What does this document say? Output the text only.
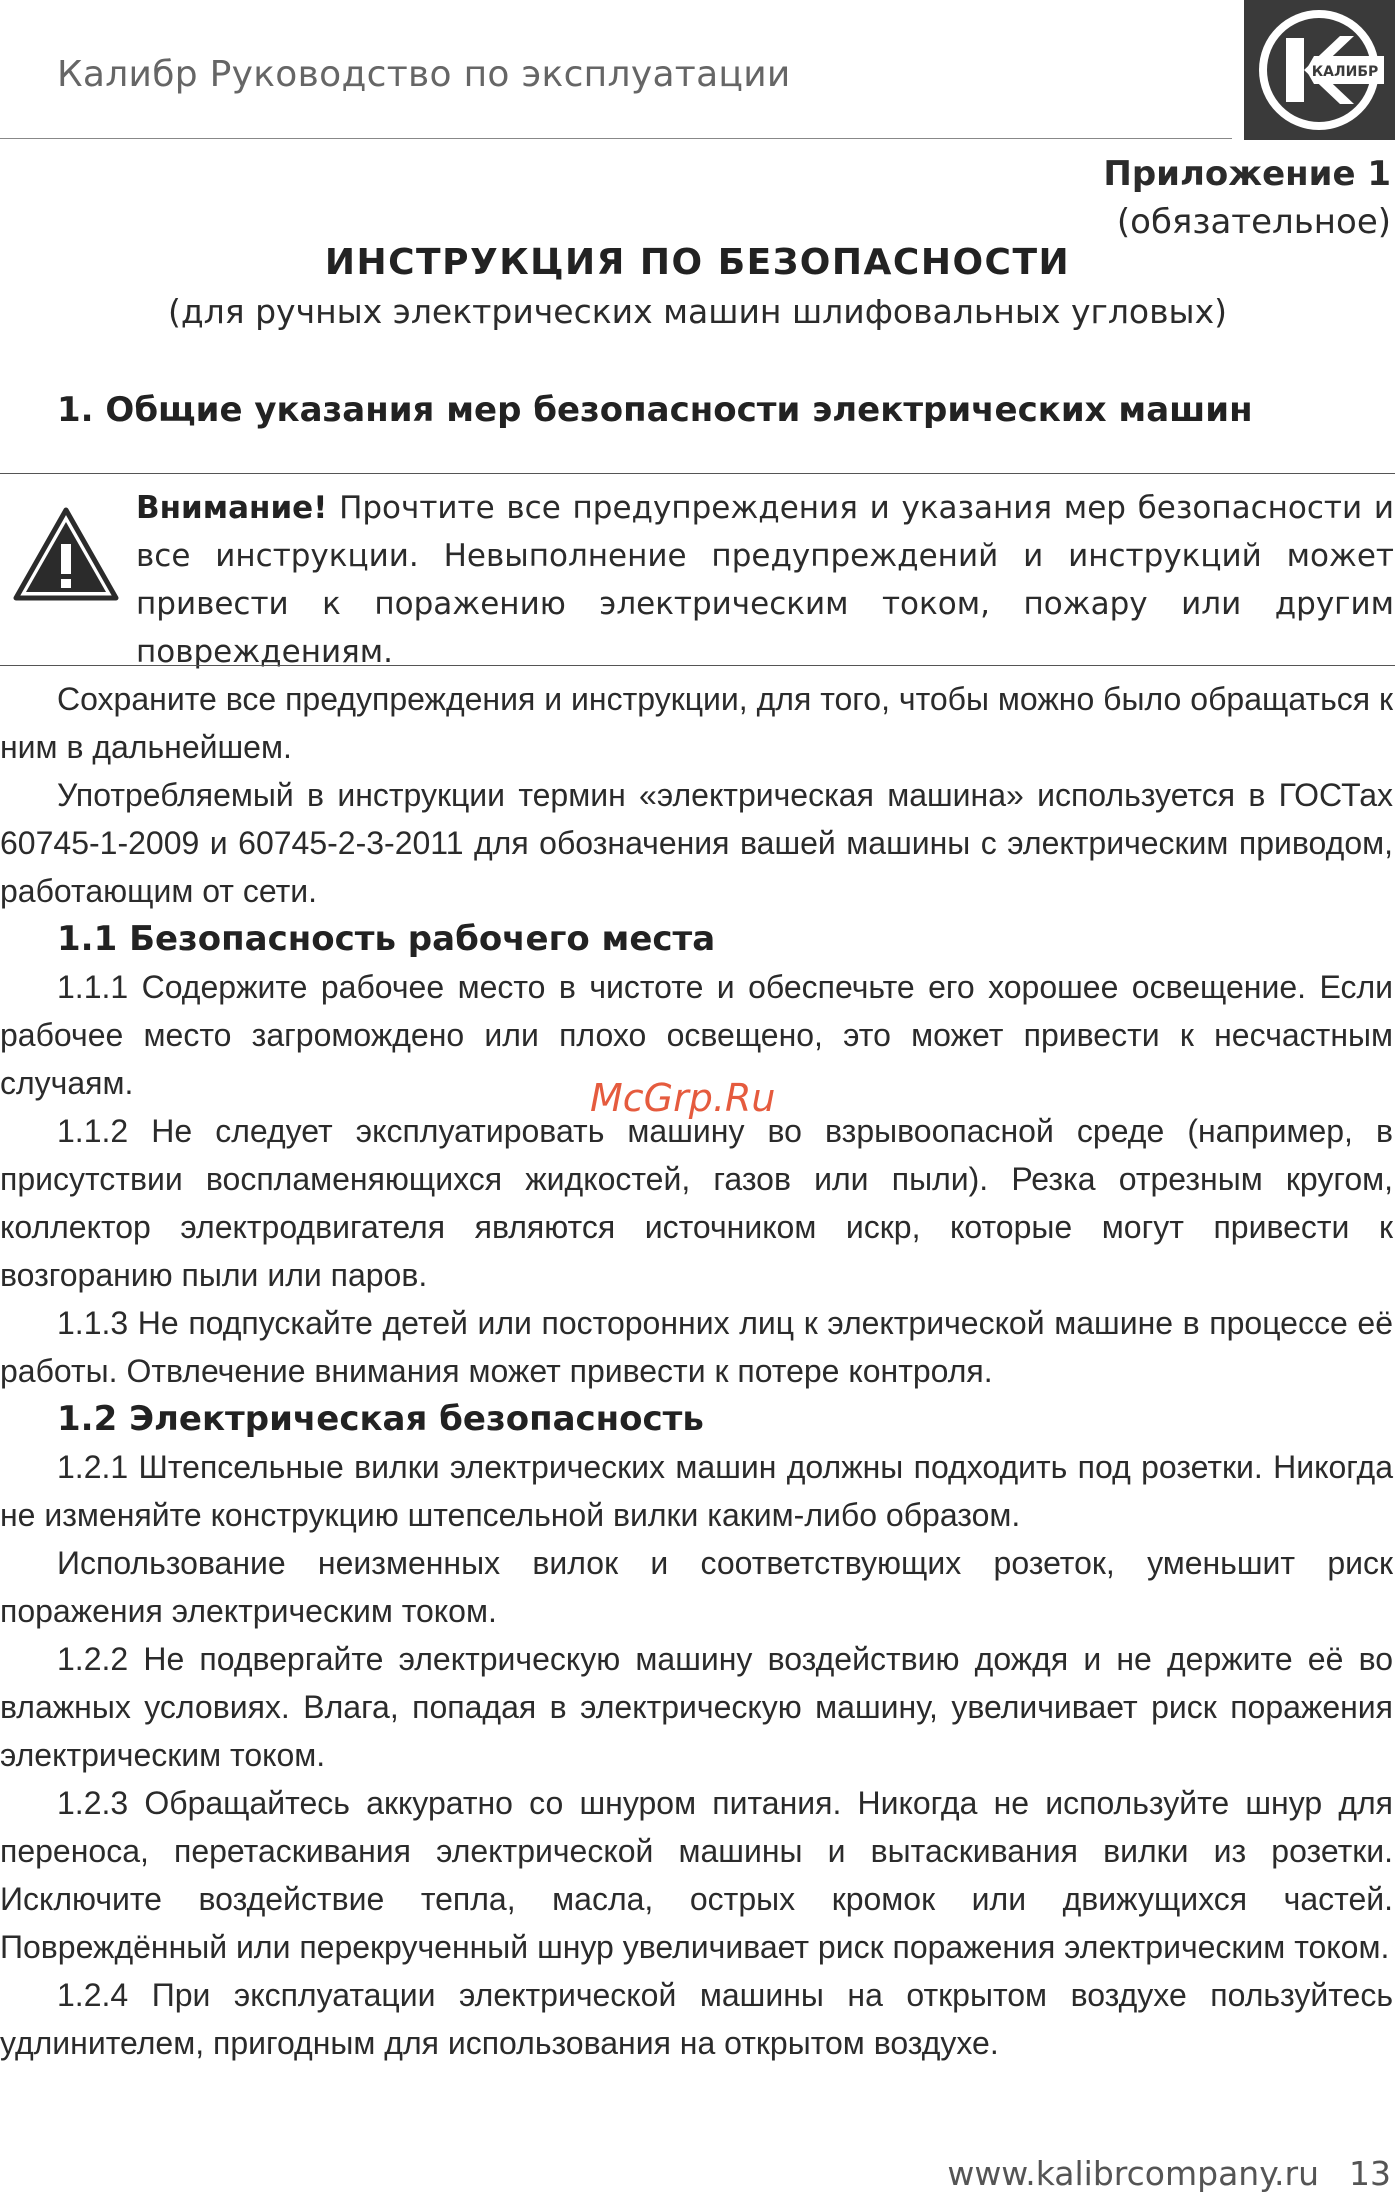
Калибр Руководство по эксплуатации	КАЛИБР
Приложение 1
(обязательное)
ИНСТРУКЦИЯ ПО БЕЗОПАСНОСТИ
(для ручных электрических машин шлифовальных угловых)
1. Общие указания мер безопасности электрических машин
Внимание! Прочтите все предупреждения и указания мер безопасности и все инструкции. Невыполнение предупреждений и инструкций может привести к поражению электрическим током, пожару или другим повреждениям.

Сохраните все предупреждения и инструкции, для того, чтобы можно было обращаться к ним в дальнейшем.

Употребляемый в инструкции термин «электрическая машина» используется в ГОСТах 60745-1-2009 и 60745-2-3-2011 для обозначения вашей машины с электрическим приводом, работающим от сети.

1.1 Безопасность рабочего места

1.1.1 Содержите рабочее место в чистоте и обеспечьте его хорошее освещение. Если рабочее место загромождено или плохо освещено, это может привести к несчастным случаям.

1.1.2 Не следует эксплуатировать машину во взрывоопасной среде (например, в присутствии воспламеняющихся жидкостей, газов или пыли). Резка отрезным кругом, коллектор электродвигателя являются источником искр, которые могут привести к возгоранию пыли или паров.

1.1.3 Не подпускайте детей или посторонних лиц к электрической машине в процессе её работы. Отвлечение внимания может привести к потере контроля.

1.2 Электрическая безопасность

1.2.1 Штепсельные вилки электрических машин должны подходить под розетки. Никогда не изменяйте конструкцию штепсельной вилки каким-либо образом.

Использование неизменных вилок и соответствующих розеток, уменьшит риск поражения электрическим током.

1.2.2 Не подвергайте электрическую машину воздействию дождя и не держите её во влажных условиях. Влага, попадая в электрическую машину, увеличивает риск поражения электрическим током.

1.2.3 Обращайтесь аккуратно со шнуром питания. Никогда не используйте шнур для переноса, перетаскивания электрической машины и вытаскивания вилки из розетки. Исключите воздействие тепла, масла, острых кромок или движущихся частей. Повреждённый или перекрученный шнур увеличивает риск поражения электрическим током.

1.2.4 При эксплуатации электрической машины на открытом воздухе пользуйтесь удлинителем, пригодным для использования на открытом воздухе.

McGrp.Ru
www.kalibrcompany.ru 13
